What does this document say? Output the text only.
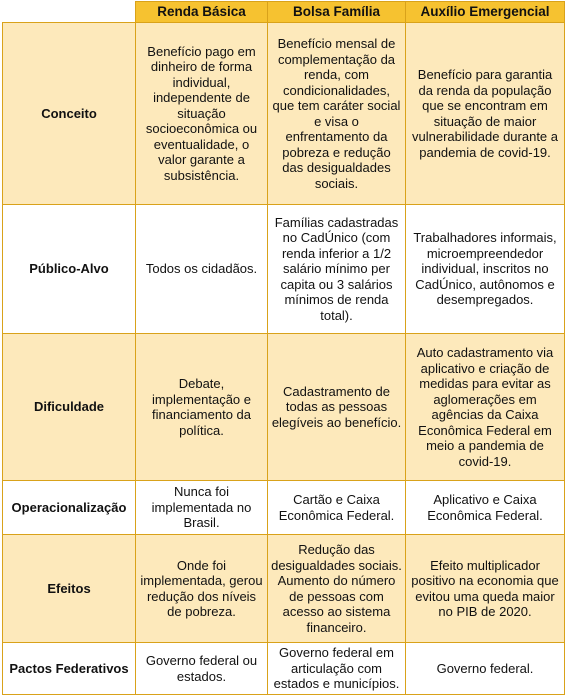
	Renda Básica	Bolsa Família	Auxílio Emergencial
Conceito	Benefício pago em dinheiro de forma individual, independente de situação socioeconômica ou eventualidade, o valor garante a subsistência.	Benefício mensal de complementação da renda, com condicionalidades, que tem caráter social e visa o enfrentamento da pobreza e redução das desigualdades sociais.	Benefício para garantia da renda da população que se encontram em situação de maior vulnerabilidade durante a pandemia de covid-19.
Público-Alvo	Todos os cidadãos.	Famílias cadastradas no CadÚnico (com renda inferior a 1/2 salário mínimo per capita ou 3 salários mínimos de renda total).	Trabalhadores informais, microempreendedor individual, inscritos no CadÚnico, autônomos e desempregados.
Dificuldade	Debate, implementação e financiamento da política.	Cadastramento de todas as pessoas elegíveis ao benefício.	Auto cadastramento via aplicativo e criação de medidas para evitar as aglomerações em agências da Caixa Econômica Federal em meio a pandemia de covid-19.
Operacionalização	Nunca foi implementada no Brasil.	Cartão e Caixa Econômica Federal.	Aplicativo e Caixa Econômica Federal.
Efeitos	Onde foi implementada, gerou redução dos níveis de pobreza.	Redução das desigualdades sociais. Aumento do número de pessoas com acesso ao sistema financeiro.	Efeito multiplicador positivo na economia que evitou uma queda maior no PIB de 2020.
Pactos Federativos	Governo federal ou estados.	Governo federal em articulação com estados e municípios.	Governo federal.
